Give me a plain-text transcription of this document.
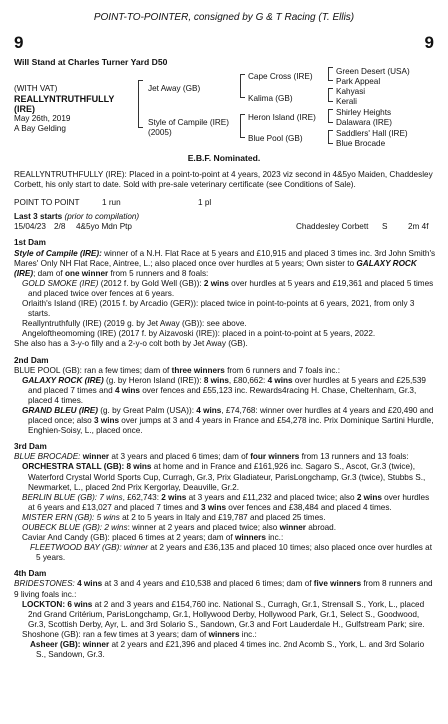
POINT-TO-POINTER, consigned by G & T Racing (T. Ellis)
9	9
Will Stand at Charles Turner Yard D50
(WITH VAT)
REALLYNTRUTHFULLY
(IRE)
May 26th, 2019
A Bay Gelding
Jet Away (GB)
Style of Campile (IRE)
(2005)
Cape Cross (IRE)
Kalima (GB)
Heron Island (IRE)
Blue Pool (GB)
Green Desert (USA)
Park Appeal
Kahyasi
Kerali
Shirley Heights
Dalawara (IRE)
Saddlers' Hall (IRE)
Blue Brocade
E.B.F. Nominated.

REALLYNTRUTHFULLY (IRE): Placed in a point-to-point at 4 years, 2023 viz second in 4&5yo Maiden, Chaddesley Corbett, his only start to date. Sold with pre-sale veterinary certificate (see Conditions of Sale).

POINT TO POINT	1 run	1 pl

Last 3 starts (prior to compilation)

15/04/23 2/8	4&5yo Mdn Ptp	Chaddesley Corbett	S	2m 4f

1st Dam

Style of Campile (IRE): winner of a N.H. Flat Race at 5 years and £10,915 and placed 3 times inc. 3rd John Smith's Mares' Only NH Flat Race, Aintree, L.; also placed once over hurdles at 5 years; Own sister to GALAXY ROCK (IRE); dam of one winner from 5 runners and 8 foals:

GOLD SMOKE (IRE) (2012 f. by Gold Well (GB)): 2 wins over hurdles at 5 years and £19,361 and placed 5 times and placed twice over fences at 6 years.

Orlaith's Island (IRE) (2015 f. by Arcadio (GER)): placed twice in point-to-points at 6 years, 2021, from only 3 starts.

Reallyntruthfully (IRE) (2019 g. by Jet Away (GB)): see above.

Angeloftheomoming (IRE) (2017 f. by Aizavoski (IRE)): placed in a point-to-point at 5 years, 2022.

She also has a 3-y-o filly and a 2-y-o colt both by Jet Away (GB).

2nd Dam

BLUE POOL (GB): ran a few times; dam of three winners from 6 runners and 7 foals inc.:

GALAXY ROCK (IRE) (g. by Heron Island (IRE)): 8 wins, £80,662: 4 wins over hurdles at 5 years and £25,539 and placed 7 times and 4 wins over fences and £55,123 inc. Rewards4racing H. Chase, Cheltenham, Gr.3, placed 4 times.

GRAND BLEU (IRE) (g. by Great Palm (USA)): 4 wins, £74,768: winner over hurdles at 4 years and £20,490 and placed once; also 3 wins over jumps at 3 and 4 years in France and £54,278 inc. Prix Dominique Sartini Hurdle, Enghien-Soisy, L., placed once.

3rd Dam

BLUE BROCADE: winner at 3 years and placed 6 times; dam of four winners from 13 runners and 13 foals:

ORCHESTRA STALL (GB): 8 wins at home and in France and £161,926 inc. Sagaro S., Ascot, Gr.3 (twice), Waterford Crystal World Sports Cup, Curragh, Gr.3, Prix Gladiateur, ParisLongchamp, Gr.3 (twice), Stubbs S., Newmarket, L., placed 2nd Prix Kergorlay, Deauville, Gr.2.

BERLIN BLUE (GB): 7 wins, £62,743: 2 wins at 3 years and £11,232 and placed twice; also 2 wins over hurdles at 6 years and £13,027 and placed 7 times and 3 wins over fences and £38,484 and placed 4 times.

MISTER ERN (GB): 5 wins at 2 to 5 years in Italy and £19,787 and placed 25 times.

OUBECK BLUE (GB): 2 wins: winner at 2 years and placed twice; also winner abroad.

Caviar And Candy (GB): placed 6 times at 2 years; dam of winners inc.:

FLEETWOOD BAY (GB): winner at 2 years and £36,135 and placed 10 times; also placed once over hurdles at 5 years.

4th Dam

BRIDESTONES: 4 wins at 3 and 4 years and £10,538 and placed 6 times; dam of five winners from 8 runners and 9 living foals inc.:

LOCKTON: 6 wins at 2 and 3 years and £154,760 inc. National S., Curragh, Gr.1, Strensall S., York, L., placed 2nd Grand Critérium, ParisLongchamp, Gr.1, Hollywood Derby, Hollywood Park, Gr.1, Select S., Goodwood, Gr.3, Scottish Derby, Ayr, L. and 3rd Solario S., Sandown, Gr.3 and Fort Lauderdale H., Gulfstream Park; sire.

Shoshone (GB): ran a few times at 3 years; dam of winners inc.:

Asheer (GB): winner at 2 years and £21,396 and placed 4 times inc. 2nd Acomb S., York, L. and 3rd Solario S., Sandown, Gr.3.
